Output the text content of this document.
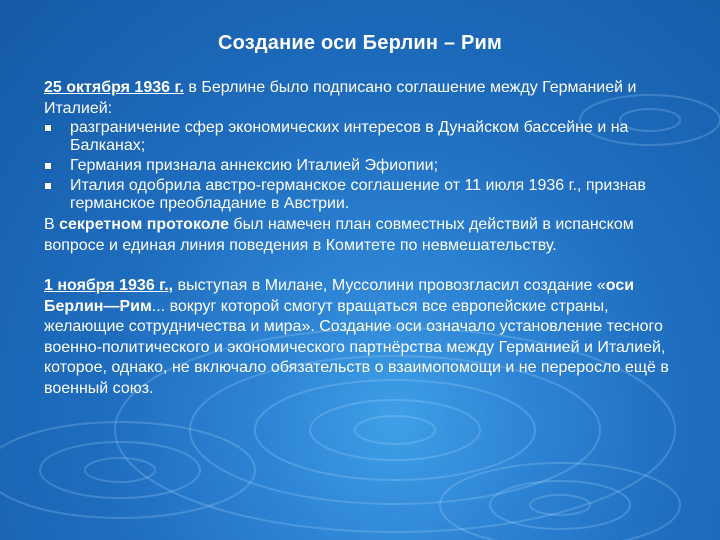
Создание оси Берлин – Рим

25 октября 1936 г. в Берлине было подписано соглашение между Германией и Италией:

разграничение сфер экономических интересов в Дунайском бассейне и на Балканах;
Германия признала аннексию Италией Эфиопии;
Италия одобрила австро-германское соглашение от 11 июля 1936 г., признав германское преобладание в Австрии.

В секретном протоколе был намечен план совместных действий в испанском вопросе и единая линия поведения в Комитете по невмешательству.

1 ноября 1936 г., выступая в Милане, Муссолини провозгласил создание «оси Берлин—Рим... вокруг которой смогут вращаться все европейские страны, желающие сотрудничества и мира». Создание оси означало установление тесного военно-политического и экономического партнёрства между Германией и Италией, которое, однако, не включало обязательств о взаимопомощи и не переросло ещё в военный союз.
